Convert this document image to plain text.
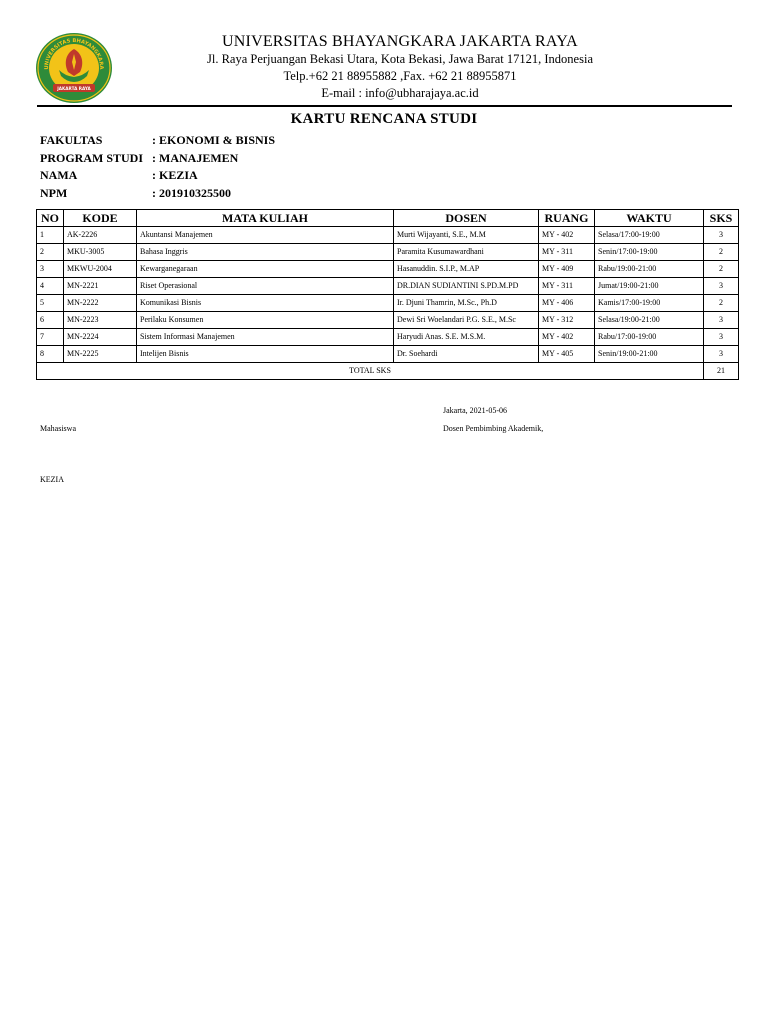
UNIVERSITAS BHAYANGKARA
JAKARTA RAYA
UNIVERSITAS BHAYANGKARA JAKARTA RAYA
Jl. Raya Perjuangan Bekasi Utara, Kota Bekasi, Jawa Barat 17121, Indonesia
Telp.+62 21 88955882 ,Fax. +62 21 88955871
E-mail : info@ubharajaya.ac.id
KARTU RENCANA STUDI
FAKULTAS	: EKONOMI & BISNIS
PROGRAM STUDI : MANAJEMEN
NAMA	: KEZIA
NPM	: 201910325500
NO	KODE	MATA KULIAH	DOSEN	RUANG	WAKTU	SKS
1	AK-2226	Akuntansi Manajemen	Murti Wijayanti, S.E., M.M	MY - 402	Selasa/17:00-19:00	3
2	MKU-3005	Bahasa Inggris	Paramita Kusumawardhani	MY - 311	Senin/17:00-19:00	2
3	MKWU-2004	Kewarganegaraan	Hasanuddin. S.I.P., M.AP	MY - 409	Rabu/19:00-21:00	2
4	MN-2221	Riset Operasional	DR.DIAN SUDIANTINI S.PD.M.PD	MY - 311	Jumat/19:00-21:00	3
5	MN-2222	Komunikasi Bisnis	Ir. Djuni Thamrin, M.Sc., Ph.D	MY - 406	Kamis/17:00-19:00	2
6	MN-2223	Perilaku Konsumen	Dewi Sri Woelandari P.G. S.E., M.Sc	MY - 312	Selasa/19:00-21:00	3
7	MN-2224	Sistem Informasi Manajemen	Haryudi Anas. S.E. M.S.M.	MY - 402	Rabu/17:00-19:00	3
8	MN-2225	Intelijen Bisnis	Dr. Soehardi	MY - 405	Senin/19:00-21:00	3
TOTAL SKS						21
Jakarta, 2021-05-06
Mahasiswa	Dosen Pembimbing Akademik,
KEZIA
